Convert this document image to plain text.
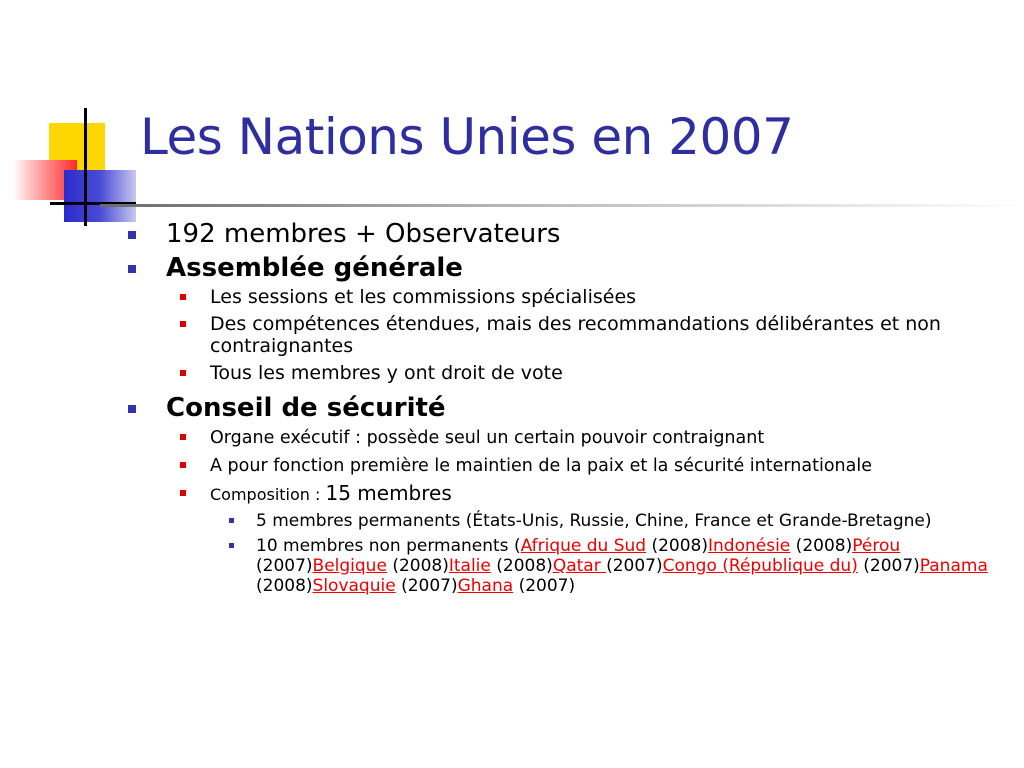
Les Nations Unies en 2007
192 membres + Observateurs
Assemblée générale
Les sessions et les commissions spécialisées
Des compétences étendues, mais des recommandations délibérantes et non contraignantes
Tous les membres y ont droit de vote
Conseil de sécurité
Organe exécutif : possède seul un certain pouvoir contraignant
A pour fonction première le maintien de la paix et la sécurité internationale
Composition : 15 membres
5 membres permanents (États-Unis, Russie, Chine, France et Grande-Bretagne)
10 membres non permanents (Afrique du Sud (2008)Indonésie (2008)Pérou (2007)Belgique (2008)Italie (2008)Qatar (2007)Congo (République du) (2007)Panama (2008)Slovaquie (2007)Ghana (2007)
